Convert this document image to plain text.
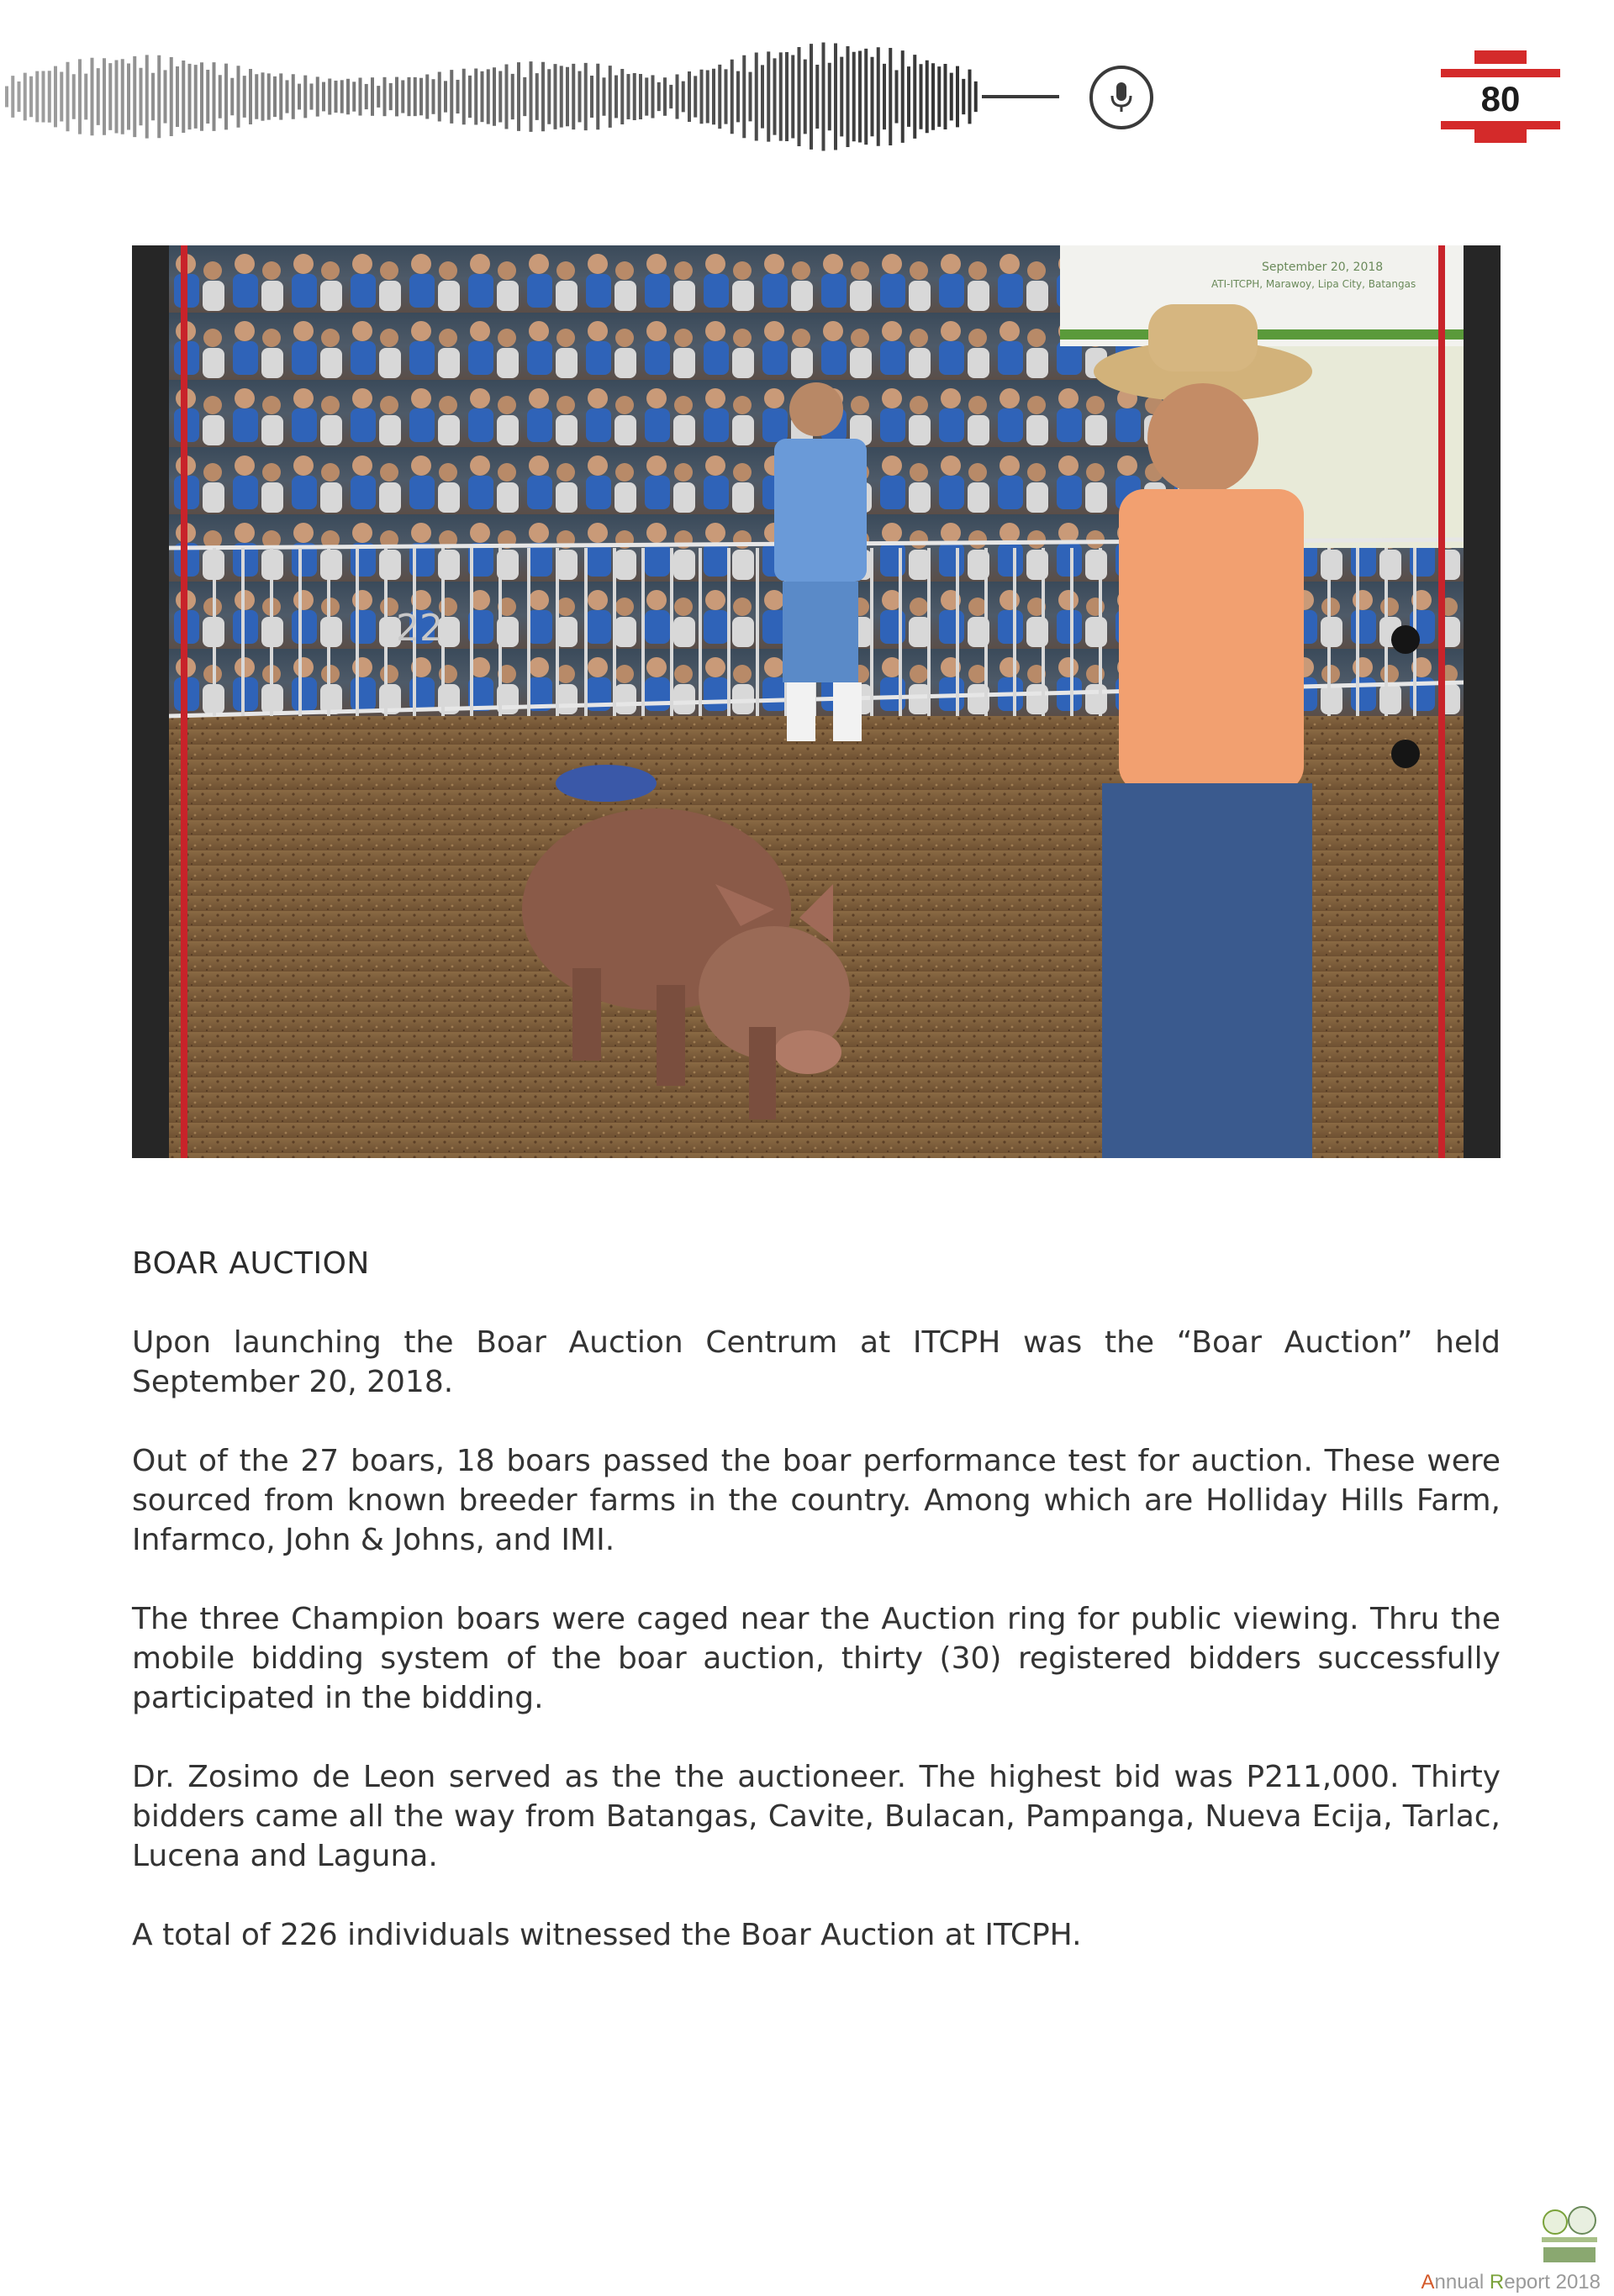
80
September 20, 2018
ATI-ITCPH, Marawoy, Lipa City, Batangas
22
BOAR AUCTION

Upon launching the Boar Auction Centrum at ITCPH was the “Boar Auction” held September 20, 2018.

Out of the 27 boars, 18 boars passed the boar performance test for auction. These were sourced from known breeder farms in the country. Among which are Holliday Hills Farm, Infarmco, John & Johns, and IMI.

The three Champion boars were caged near the Auction ring for public viewing. Thru the mobile bidding system of the boar auction, thirty (30) registered bidders successfully participated in the bidding.

Dr. Zosimo de Leon served as the the auctioneer. The highest bid was P211,000. Thirty bidders came all the way from Batangas, Cavite, Bulacan, Pampanga, Nueva Ecija, Tarlac, Lucena and Laguna.

A total of 226 individuals witnessed the Boar Auction at ITCPH.

Annual Report 2018
